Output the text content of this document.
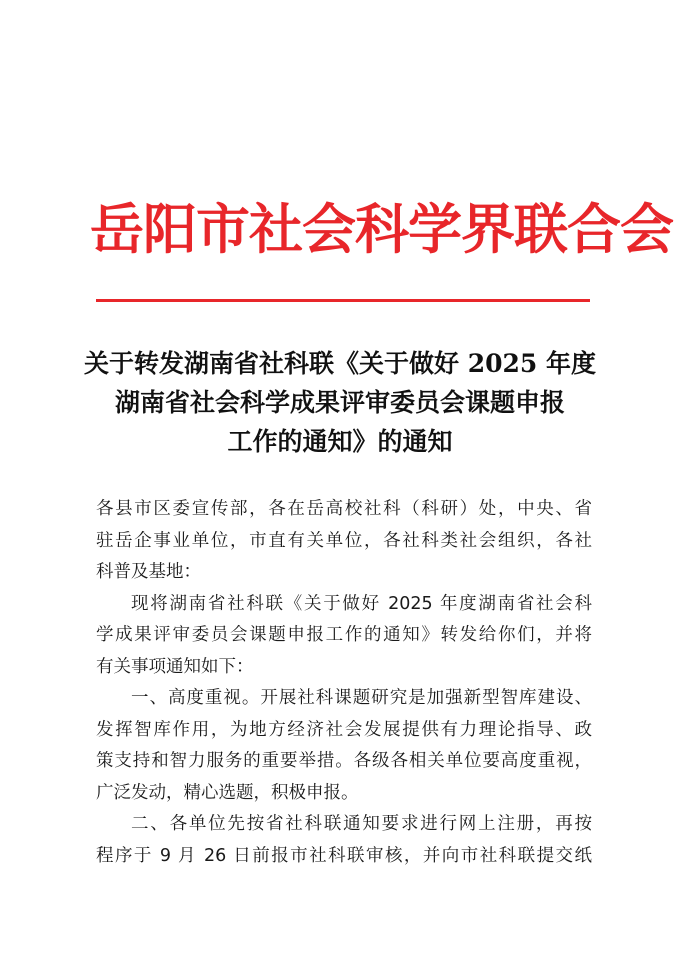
岳阳市社会科学界联合会
关于转发湖南省社科联《关于做好 2025 年度
湖南省社会科学成果评审委员会课题申报
工作的通知》的通知
各县市区委宣传部，各在岳高校社科（科研）处，中央、省
驻岳企事业单位，市直有关单位，各社科类社会组织，各社
科普及基地：
现将湖南省社科联《关于做好 2025 年度湖南省社会科
学成果评审委员会课题申报工作的通知》转发给你们，并将
有关事项通知如下：
一、高度重视。开展社科课题研究是加强新型智库建设、
发挥智库作用，为地方经济社会发展提供有力理论指导、政
策支持和智力服务的重要举措。各级各相关单位要高度重视，
广泛发动，精心选题，积极申报。
二、各单位先按省社科联通知要求进行网上注册，再按
程序于 9 月 26 日前报市社科联审核，并向市社科联提交纸
